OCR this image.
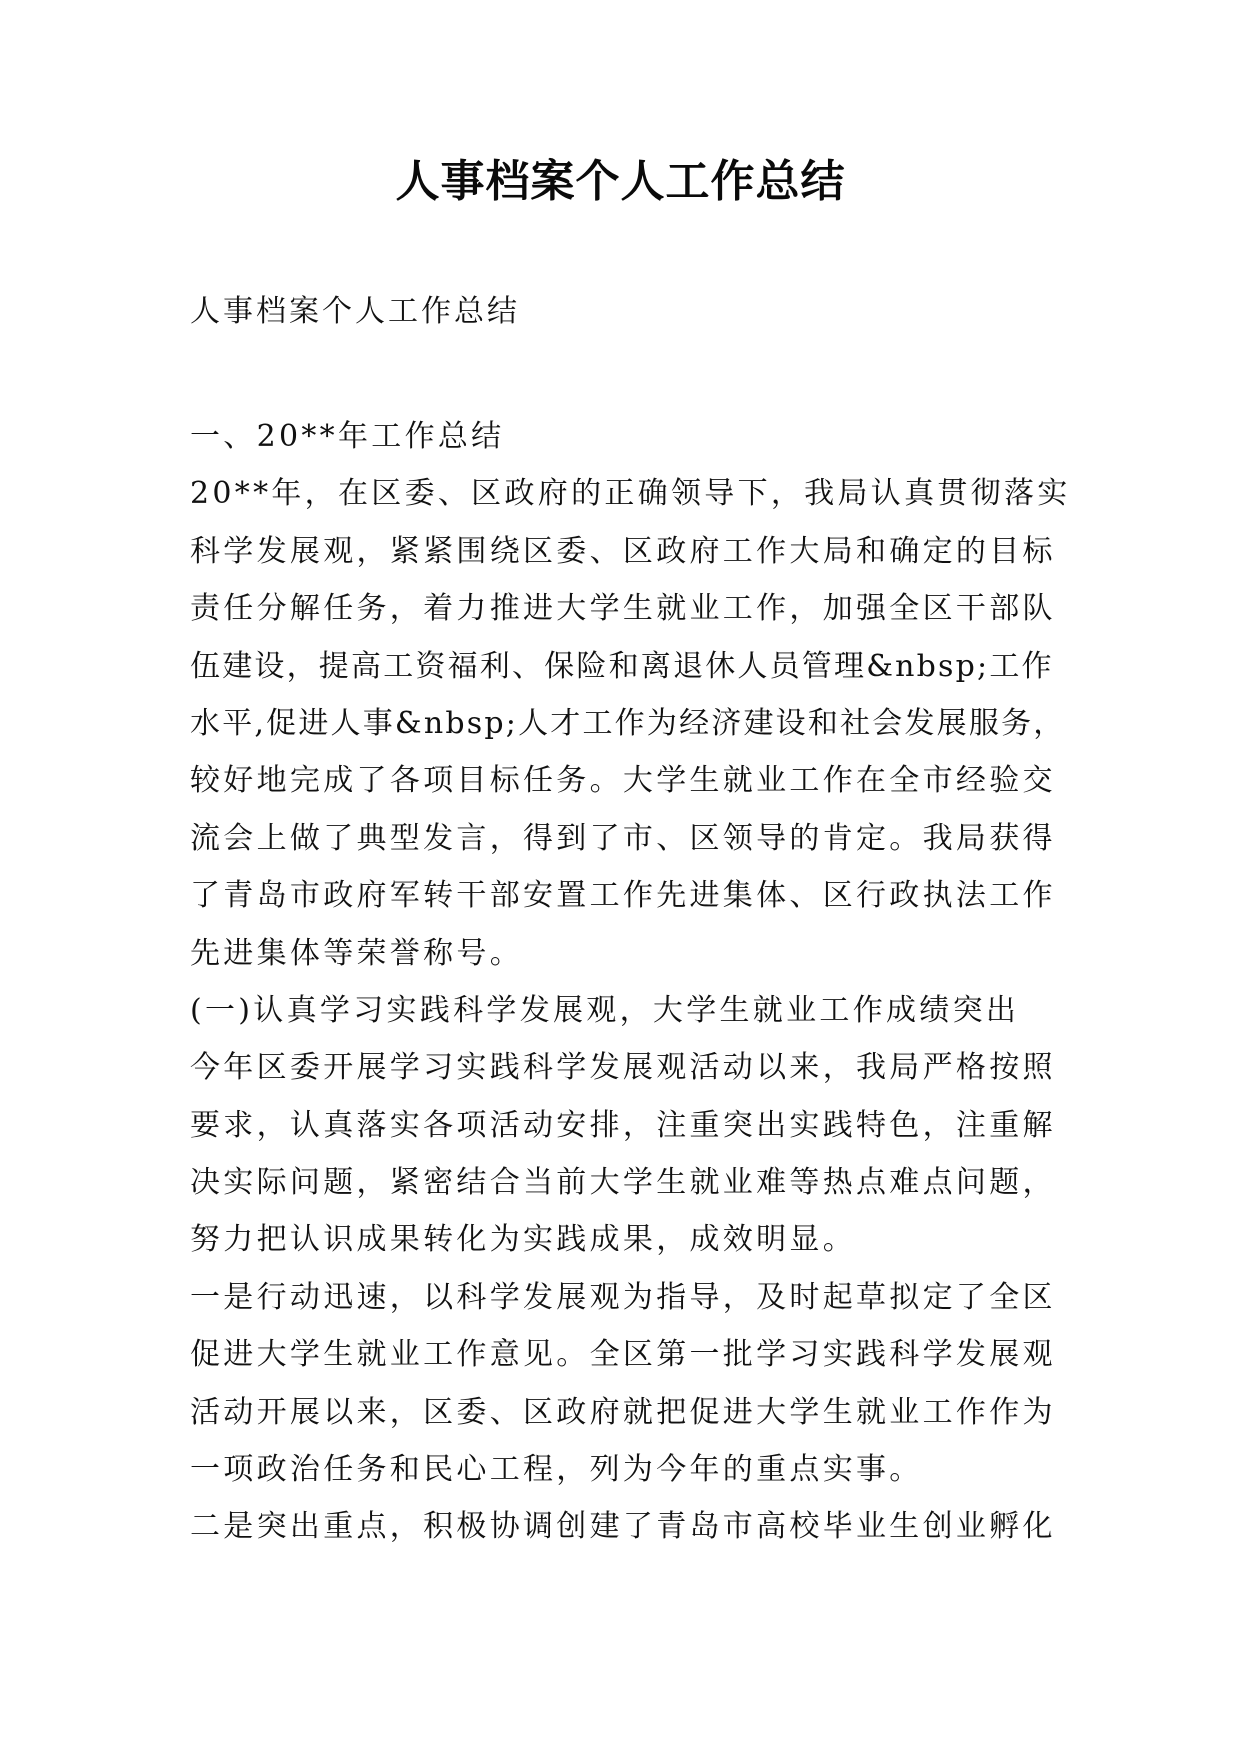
人事档案个人工作总结
人事档案个人工作总结
一、20**年工作总结
20**年，在区委、区政府的正确领导下，我局认真贯彻落实
科学发展观，紧紧围绕区委、区政府工作大局和确定的目标
责任分解任务，着力推进大学生就业工作，加强全区干部队
伍建设，提高工资福利、保险和离退休人员管理&nbsp;工作
水平,促进人事&nbsp;人才工作为经济建设和社会发展服务，
较好地完成了各项目标任务。大学生就业工作在全市经验交
流会上做了典型发言，得到了市、区领导的肯定。我局获得
了青岛市政府军转干部安置工作先进集体、区行政执法工作
先进集体等荣誉称号。
(一)认真学习实践科学发展观，大学生就业工作成绩突出
今年区委开展学习实践科学发展观活动以来，我局严格按照
要求，认真落实各项活动安排，注重突出实践特色，注重解
决实际问题，紧密结合当前大学生就业难等热点难点问题，
努力把认识成果转化为实践成果，成效明显。
一是行动迅速，以科学发展观为指导，及时起草拟定了全区
促进大学生就业工作意见。全区第一批学习实践科学发展观
活动开展以来，区委、区政府就把促进大学生就业工作作为
一项政治任务和民心工程，列为今年的重点实事。
二是突出重点，积极协调创建了青岛市高校毕业生创业孵化
